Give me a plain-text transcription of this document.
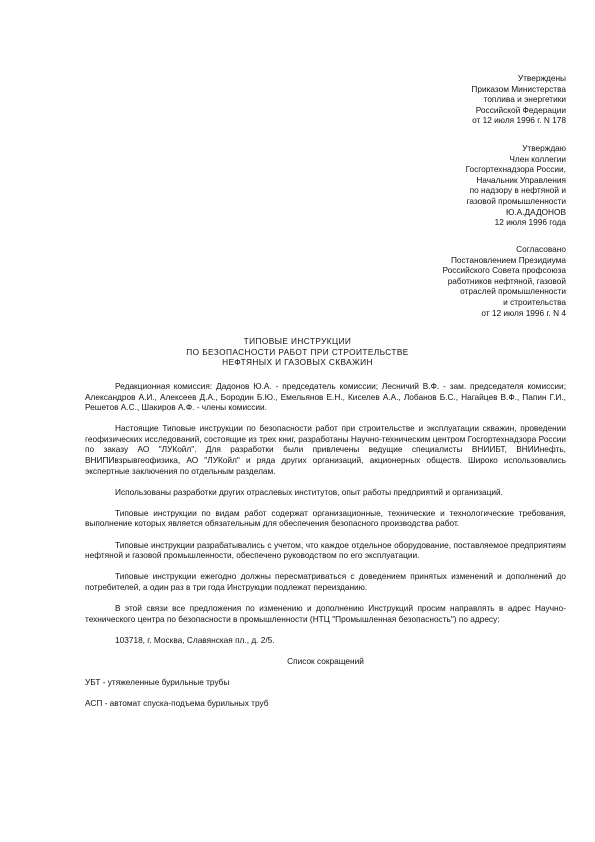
Утверждены
Приказом Министерства
топлива и энергетики
Российской Федерации
от 12 июля 1996 г. N 178
Утверждаю
Член коллегии
Госгортехнадзора России,
Начальник Управления
по надзору в нефтяной и
газовой промышленности
Ю.А.ДАДОНОВ
12 июля 1996 года
Согласовано
Постановлением Президиума
Российского Совета профсоюза
работников нефтяной, газовой
отраслей промышленности
и строительства
от 12 июля 1996 г. N 4
ТИПОВЫЕ ИНСТРУКЦИИ
ПО БЕЗОПАСНОСТИ РАБОТ ПРИ СТРОИТЕЛЬСТВЕ
НЕФТЯНЫХ И ГАЗОВЫХ СКВАЖИН

Редакционная комиссия: Дадонов Ю.А. - председатель комиссии; Лесничий В.Ф. - зам. председателя комиссии; Александров А.И., Алексеев Д.А., Бородин Б.Ю., Емельянов Е.Н., Киселев А.А., Лобанов Б.С., Нагайцев В.Ф., Папин Г.И., Решетов А.С., Шакиров А.Ф. - члены комиссии.

Настоящие Типовые инструкции по безопасности работ при строительстве и эксплуатации скважин, проведении геофизических исследований, состоящие из трех книг, разработаны Научно-техническим центром Госгортехнадзора России по заказу АО "ЛУКойл". Для разработки были привлечены ведущие специалисты ВНИИБТ, ВНИИнефть, ВНИПИвзрывгеофизика, АО "ЛУКойл" и ряда других организаций, акционерных обществ. Широко использовались экспертные заключения по отдельным разделам.

Использованы разработки других отраслевых институтов, опыт работы предприятий и организаций.

Типовые инструкции по видам работ содержат организационные, технические и технологические требования, выполнение которых является обязательным для обеспечения безопасного производства работ.

Типовые инструкции разрабатывались с учетом, что каждое отдельное оборудование, поставляемое предприятиям нефтяной и газовой промышленности, обеспечено руководством по его эксплуатации.

Типовые инструкции ежегодно должны пересматриваться с доведением принятых изменений и дополнений до потребителей, а один раз в три года Инструкции подлежат переизданию.

В этой связи все предложения по изменению и дополнению Инструкций просим направлять в адрес Научно-технического центра по безопасности в промышленности (НТЦ "Промышленная безопасность") по адресу:

103718, г. Москва, Славянская пл., д. 2/5.

Список сокращений
УБТ - утяжеленные бурильные трубы
АСП - автомат спуска-подъема бурильных труб
